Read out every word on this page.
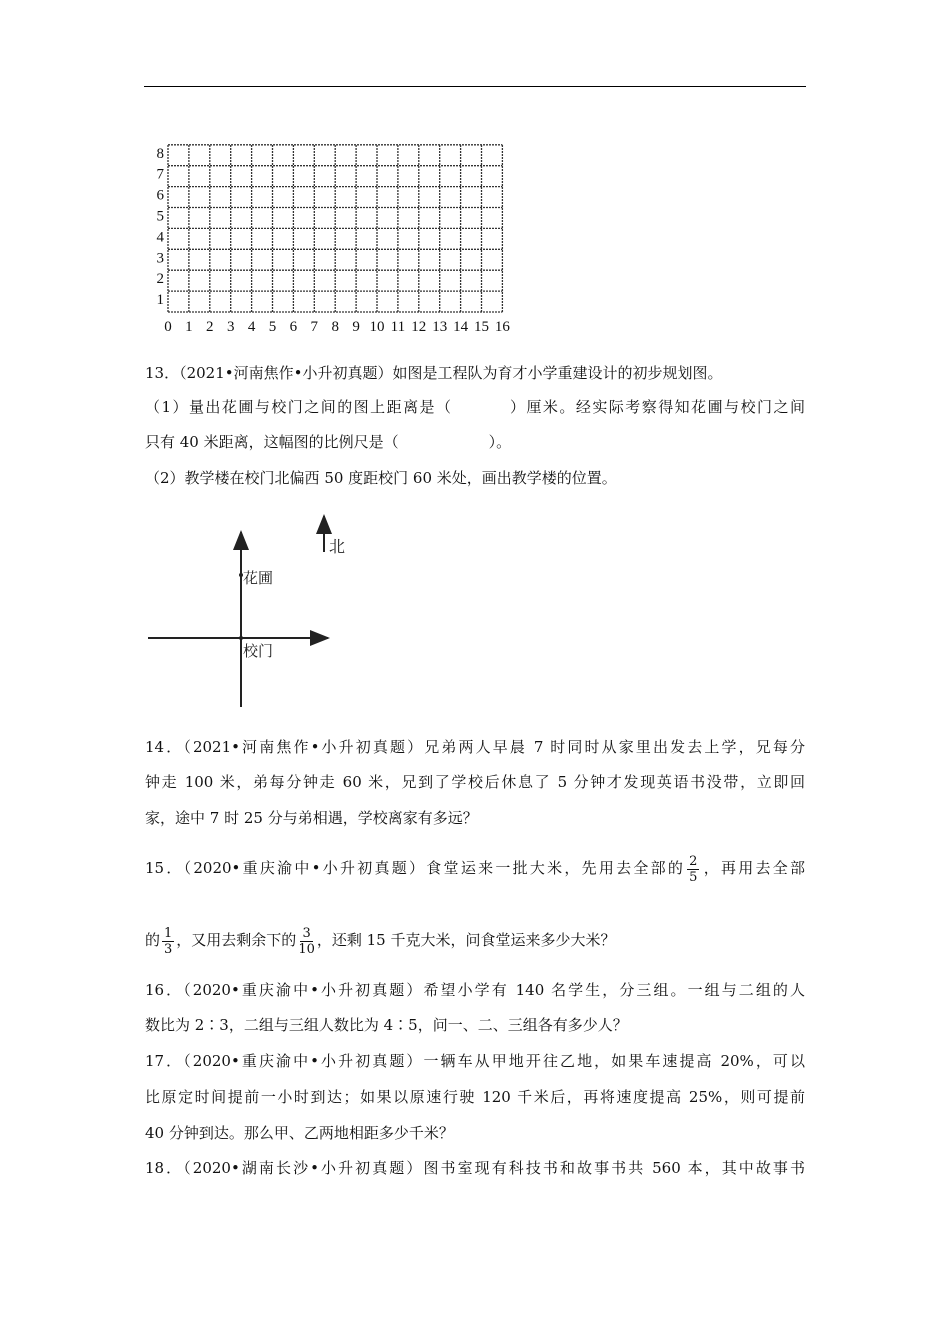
0 1 2 3 4 5 6 7 8 9 10 11 12 13 14 15 16
1
2
3
4
5
6
7
8
13．（2021•河南焦作•小升初真题）如图是工程队为育才小学重建设计的初步规划图。
（1）量出花圃与校门之间的图上距离是（	）厘米。经实际考察得知花圃与校门之间
只有 40 米距离，这幅图的比例尺是（	）。
（2）教学楼在校门北偏西 50 度距校门 60 米处，画出教学楼的位置。
北
花圃
校门
14．（2021•河南焦作•小升初真题）兄弟两人早晨 7 时同时从家里出发去上学，兄每分
钟走 100 米，弟每分钟走 60 米，兄到了学校后休息了 5 分钟才发现英语书没带，立即回
家，途中 7 时 25 分与弟相遇，学校离家有多远？
15．（2020•重庆渝中•小升初真题）食堂运来一批大米，先用去全部的 $\frac{2}{5}$ ，再用去全部
的 $\frac{1}{3}$ ，又用去剩余下的 $\frac{3}{10}$ ，还剩 15 千克大米，问食堂运来多少大米？
16．（2020•重庆渝中•小升初真题）希望小学有 140 名学生，分三组。一组与二组的人
数比为 2∶3，二组与三组人数比为 4∶5，问一、二、三组各有多少人？
17．（2020•重庆渝中•小升初真题）一辆车从甲地开往乙地，如果车速提高 20%，可以
比原定时间提前一小时到达；如果以原速行驶 120 千米后，再将速度提高 25%，则可提前
40 分钟到达。那么甲、乙两地相距多少千米？
18．（2020•湖南长沙•小升初真题）图书室现有科技书和故事书共 560 本，其中故事书
